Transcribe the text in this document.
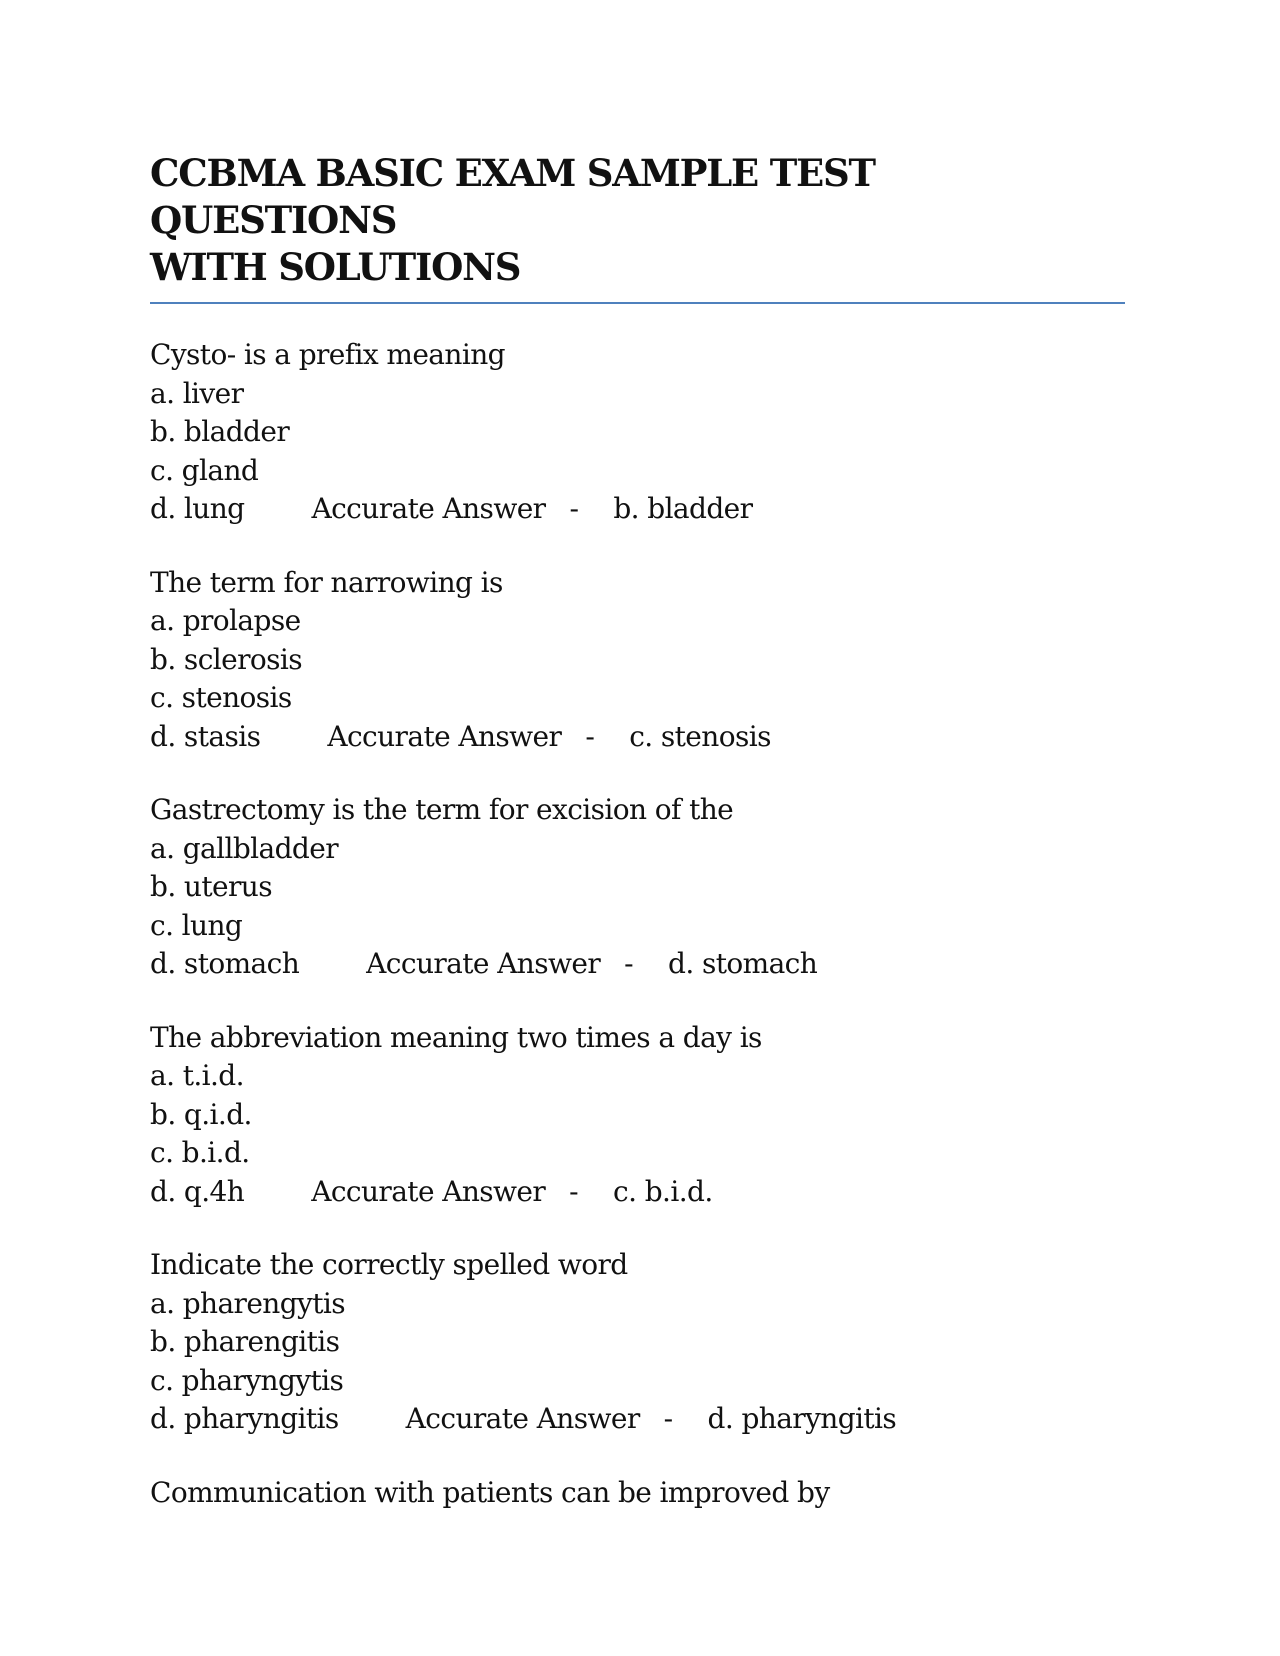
CCBMA BASIC EXAM SAMPLE TEST QUESTIONS
WITH SOLUTIONS
Cysto- is a prefix meaning
a. liver
b. bladder
c. gland
d. lung Accurate Answer - b. bladder
The term for narrowing is
a. prolapse
b. sclerosis
c. stenosis
d. stasis Accurate Answer - c. stenosis
Gastrectomy is the term for excision of the
a. gallbladder
b. uterus
c. lung
d. stomach Accurate Answer - d. stomach
The abbreviation meaning two times a day is
a. t.i.d.
b. q.i.d.
c. b.i.d.
d. q.4h Accurate Answer - c. b.i.d.
Indicate the correctly spelled word
a. pharengytis
b. pharengitis
c. pharyngytis
d. pharyngitis Accurate Answer - d. pharyngitis
Communication with patients can be improved by
